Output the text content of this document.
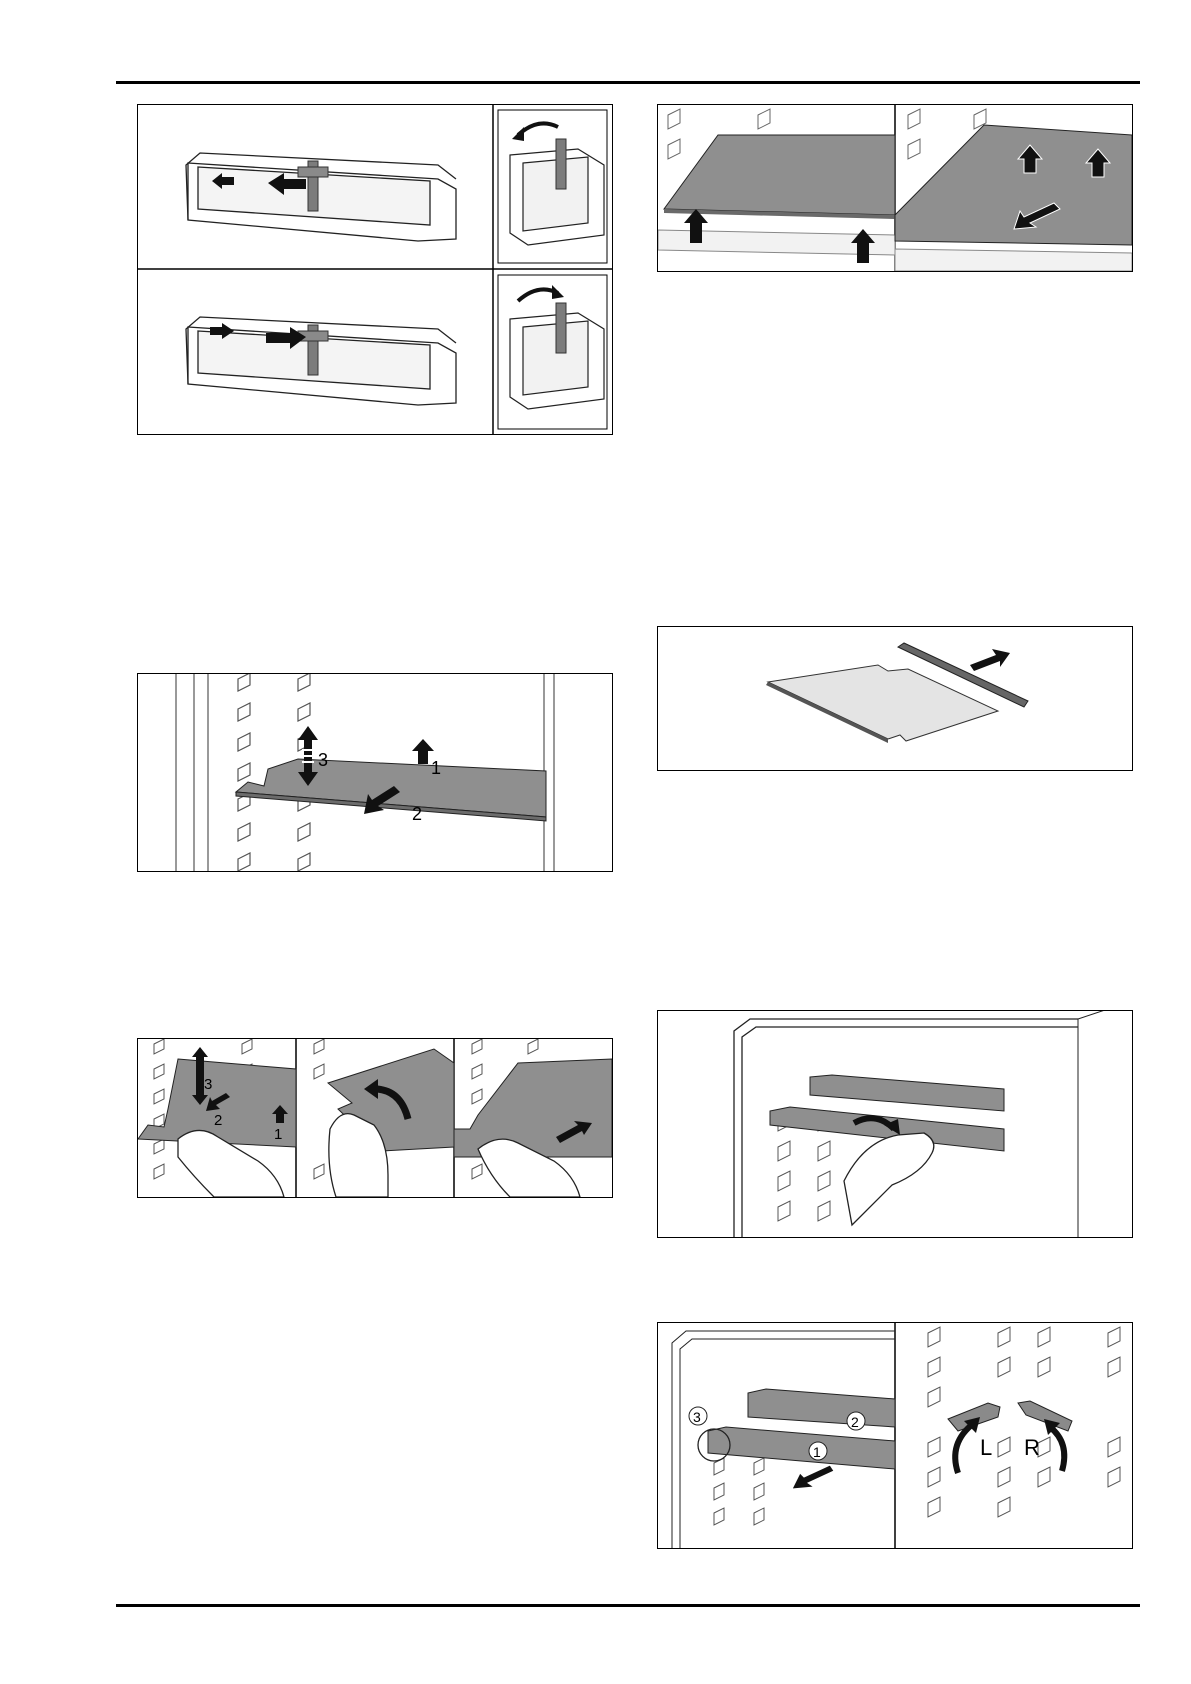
3	1
2
3
2
1
3	2
1	L R
